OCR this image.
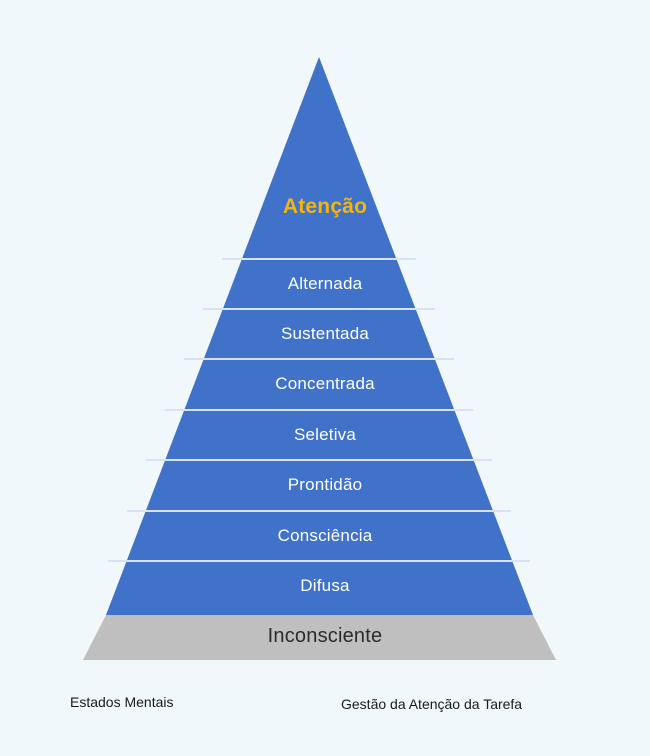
Atenção
Alternada
Sustentada
Concentrada
Seletiva
Prontidão
Consciência
Difusa
Inconsciente
Estados Mentais	Gestão da Atenção da Tarefa
